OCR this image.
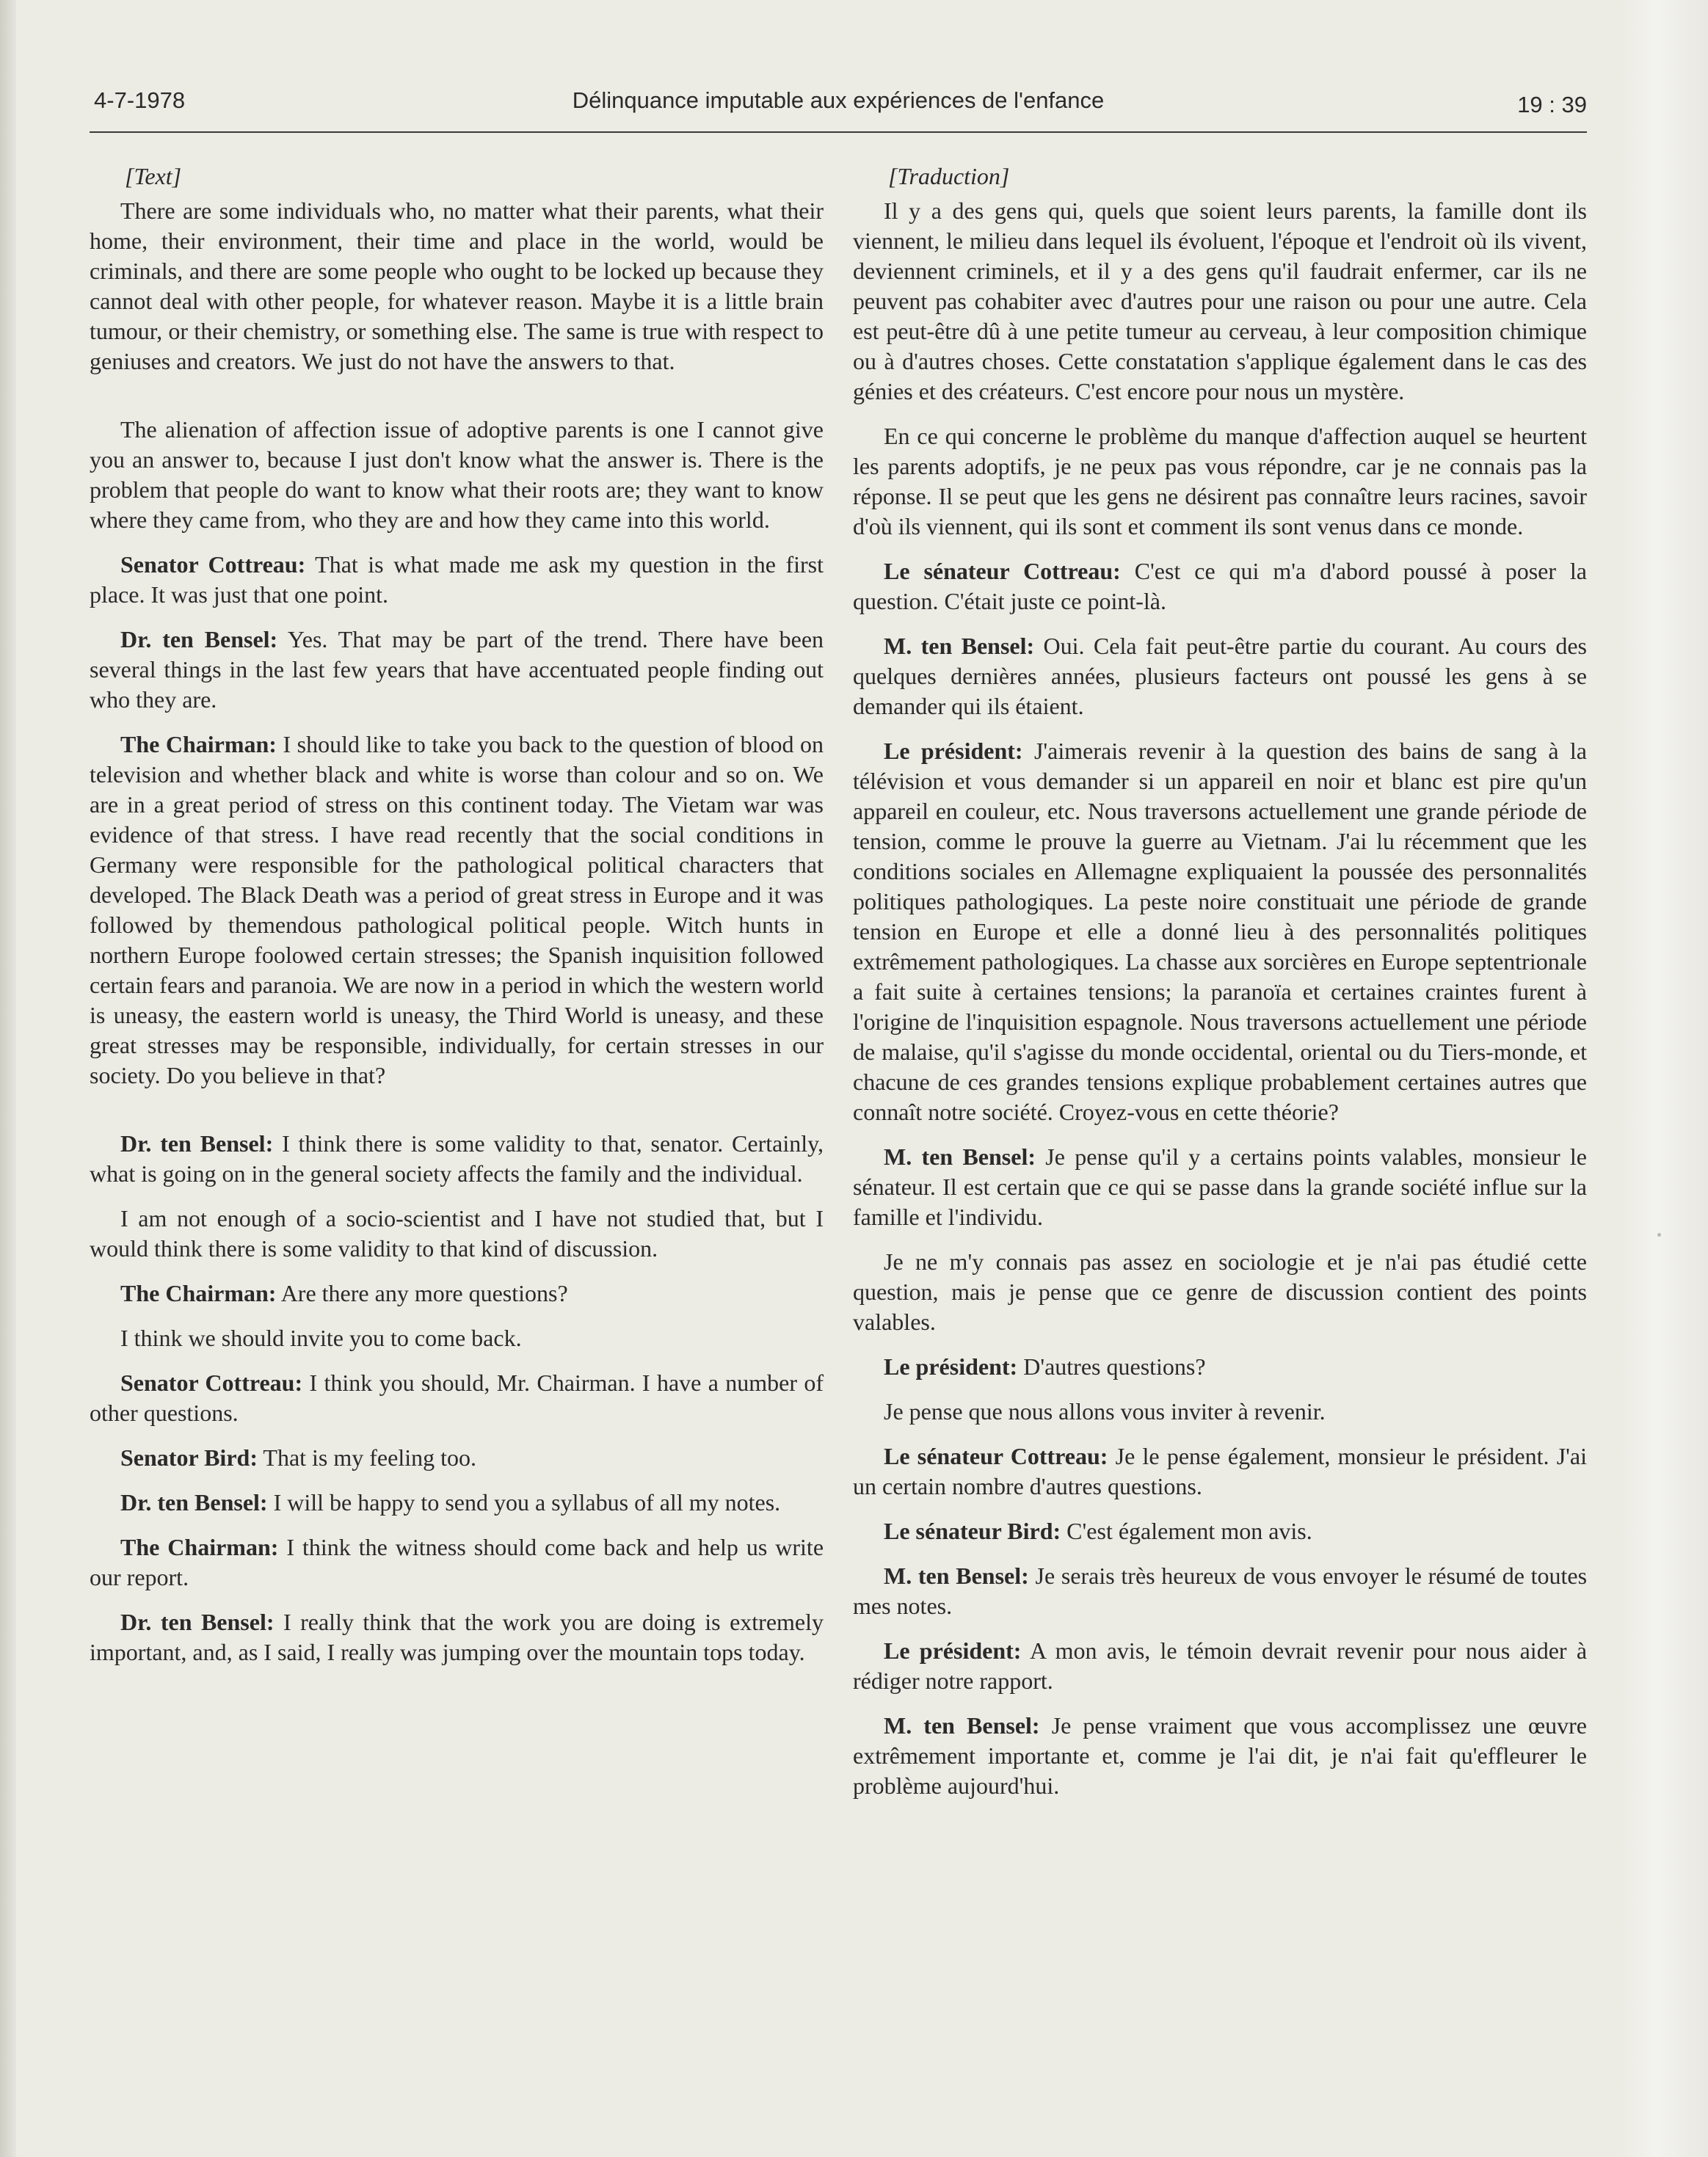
4-7-1978	Délinquance imputable aux expériences de l'enfance	19 : 39

[Text]

There are some individuals who, no matter what their parents, what their home, their environment, their time and place in the world, would be criminals, and there are some people who ought to be locked up because they cannot deal with other people, for whatever reason. Maybe it is a little brain tumour, or their chemistry, or something else. The same is true with respect to geniuses and creators. We just do not have the answers to that.

The alienation of affection issue of adoptive parents is one I cannot give you an answer to, because I just don't know what the answer is. There is the problem that people do want to know what their roots are; they want to know where they came from, who they are and how they came into this world.

Senator Cottreau: That is what made me ask my question in the first place. It was just that one point.

Dr. ten Bensel: Yes. That may be part of the trend. There have been several things in the last few years that have accentuated people finding out who they are.

The Chairman: I should like to take you back to the question of blood on television and whether black and white is worse than colour and so on. We are in a great period of stress on this continent today. The Vietam war was evidence of that stress. I have read recently that the social conditions in Germany were responsible for the pathological political characters that developed. The Black Death was a period of great stress in Europe and it was followed by themendous pathological political people. Witch hunts in northern Europe foolowed certain stresses; the Spanish inquisition followed certain fears and paranoia. We are now in a period in which the western world is uneasy, the eastern world is uneasy, the Third World is uneasy, and these great stresses may be responsible, individually, for certain stresses in our society. Do you believe in that?

Dr. ten Bensel: I think there is some validity to that, senator. Certainly, what is going on in the general society affects the family and the individual.

I am not enough of a socio-scientist and I have not studied that, but I would think there is some validity to that kind of discussion.

The Chairman: Are there any more questions?

I think we should invite you to come back.

Senator Cottreau: I think you should, Mr. Chairman. I have a number of other questions.

Senator Bird: That is my feeling too.

Dr. ten Bensel: I will be happy to send you a syllabus of all my notes.

The Chairman: I think the witness should come back and help us write our report.

Dr. ten Bensel: I really think that the work you are doing is extremely important, and, as I said, I really was jumping over the mountain tops today.

[Traduction]

Il y a des gens qui, quels que soient leurs parents, la famille dont ils viennent, le milieu dans lequel ils évoluent, l'époque et l'endroit où ils vivent, deviennent criminels, et il y a des gens qu'il faudrait enfermer, car ils ne peuvent pas cohabiter avec d'autres pour une raison ou pour une autre. Cela est peut-être dû à une petite tumeur au cerveau, à leur composition chimique ou à d'autres choses. Cette constatation s'applique également dans le cas des génies et des créateurs. C'est encore pour nous un mystère.

En ce qui concerne le problème du manque d'affection auquel se heurtent les parents adoptifs, je ne peux pas vous répondre, car je ne connais pas la réponse. Il se peut que les gens ne désirent pas connaître leurs racines, savoir d'où ils viennent, qui ils sont et comment ils sont venus dans ce monde.

Le sénateur Cottreau: C'est ce qui m'a d'abord poussé à poser la question. C'était juste ce point-là.

M. ten Bensel: Oui. Cela fait peut-être partie du courant. Au cours des quelques dernières années, plusieurs facteurs ont poussé les gens à se demander qui ils étaient.

Le président: J'aimerais revenir à la question des bains de sang à la télévision et vous demander si un appareil en noir et blanc est pire qu'un appareil en couleur, etc. Nous traversons actuellement une grande période de tension, comme le prouve la guerre au Vietnam. J'ai lu récemment que les conditions sociales en Allemagne expliquaient la poussée des personnalités politiques pathologiques. La peste noire constituait une période de grande tension en Europe et elle a donné lieu à des personnalités politiques extrêmement pathologiques. La chasse aux sorcières en Europe septentrionale a fait suite à certaines tensions; la paranoïa et certaines craintes furent à l'origine de l'inquisition espagnole. Nous traversons actuellement une période de malaise, qu'il s'agisse du monde occidental, oriental ou du Tiers-monde, et chacune de ces grandes tensions explique probablement certaines autres que connaît notre société. Croyez-vous en cette théorie?

M. ten Bensel: Je pense qu'il y a certains points valables, monsieur le sénateur. Il est certain que ce qui se passe dans la grande société influe sur la famille et l'individu.

Je ne m'y connais pas assez en sociologie et je n'ai pas étudié cette question, mais je pense que ce genre de discussion contient des points valables.

Le président: D'autres questions?

Je pense que nous allons vous inviter à revenir.

Le sénateur Cottreau: Je le pense également, monsieur le président. J'ai un certain nombre d'autres questions.

Le sénateur Bird: C'est également mon avis.

M. ten Bensel: Je serais très heureux de vous envoyer le résumé de toutes mes notes.

Le président: A mon avis, le témoin devrait revenir pour nous aider à rédiger notre rapport.

M. ten Bensel: Je pense vraiment que vous accomplissez une œuvre extrêmement importante et, comme je l'ai dit, je n'ai fait qu'effleurer le problème aujourd'hui.
